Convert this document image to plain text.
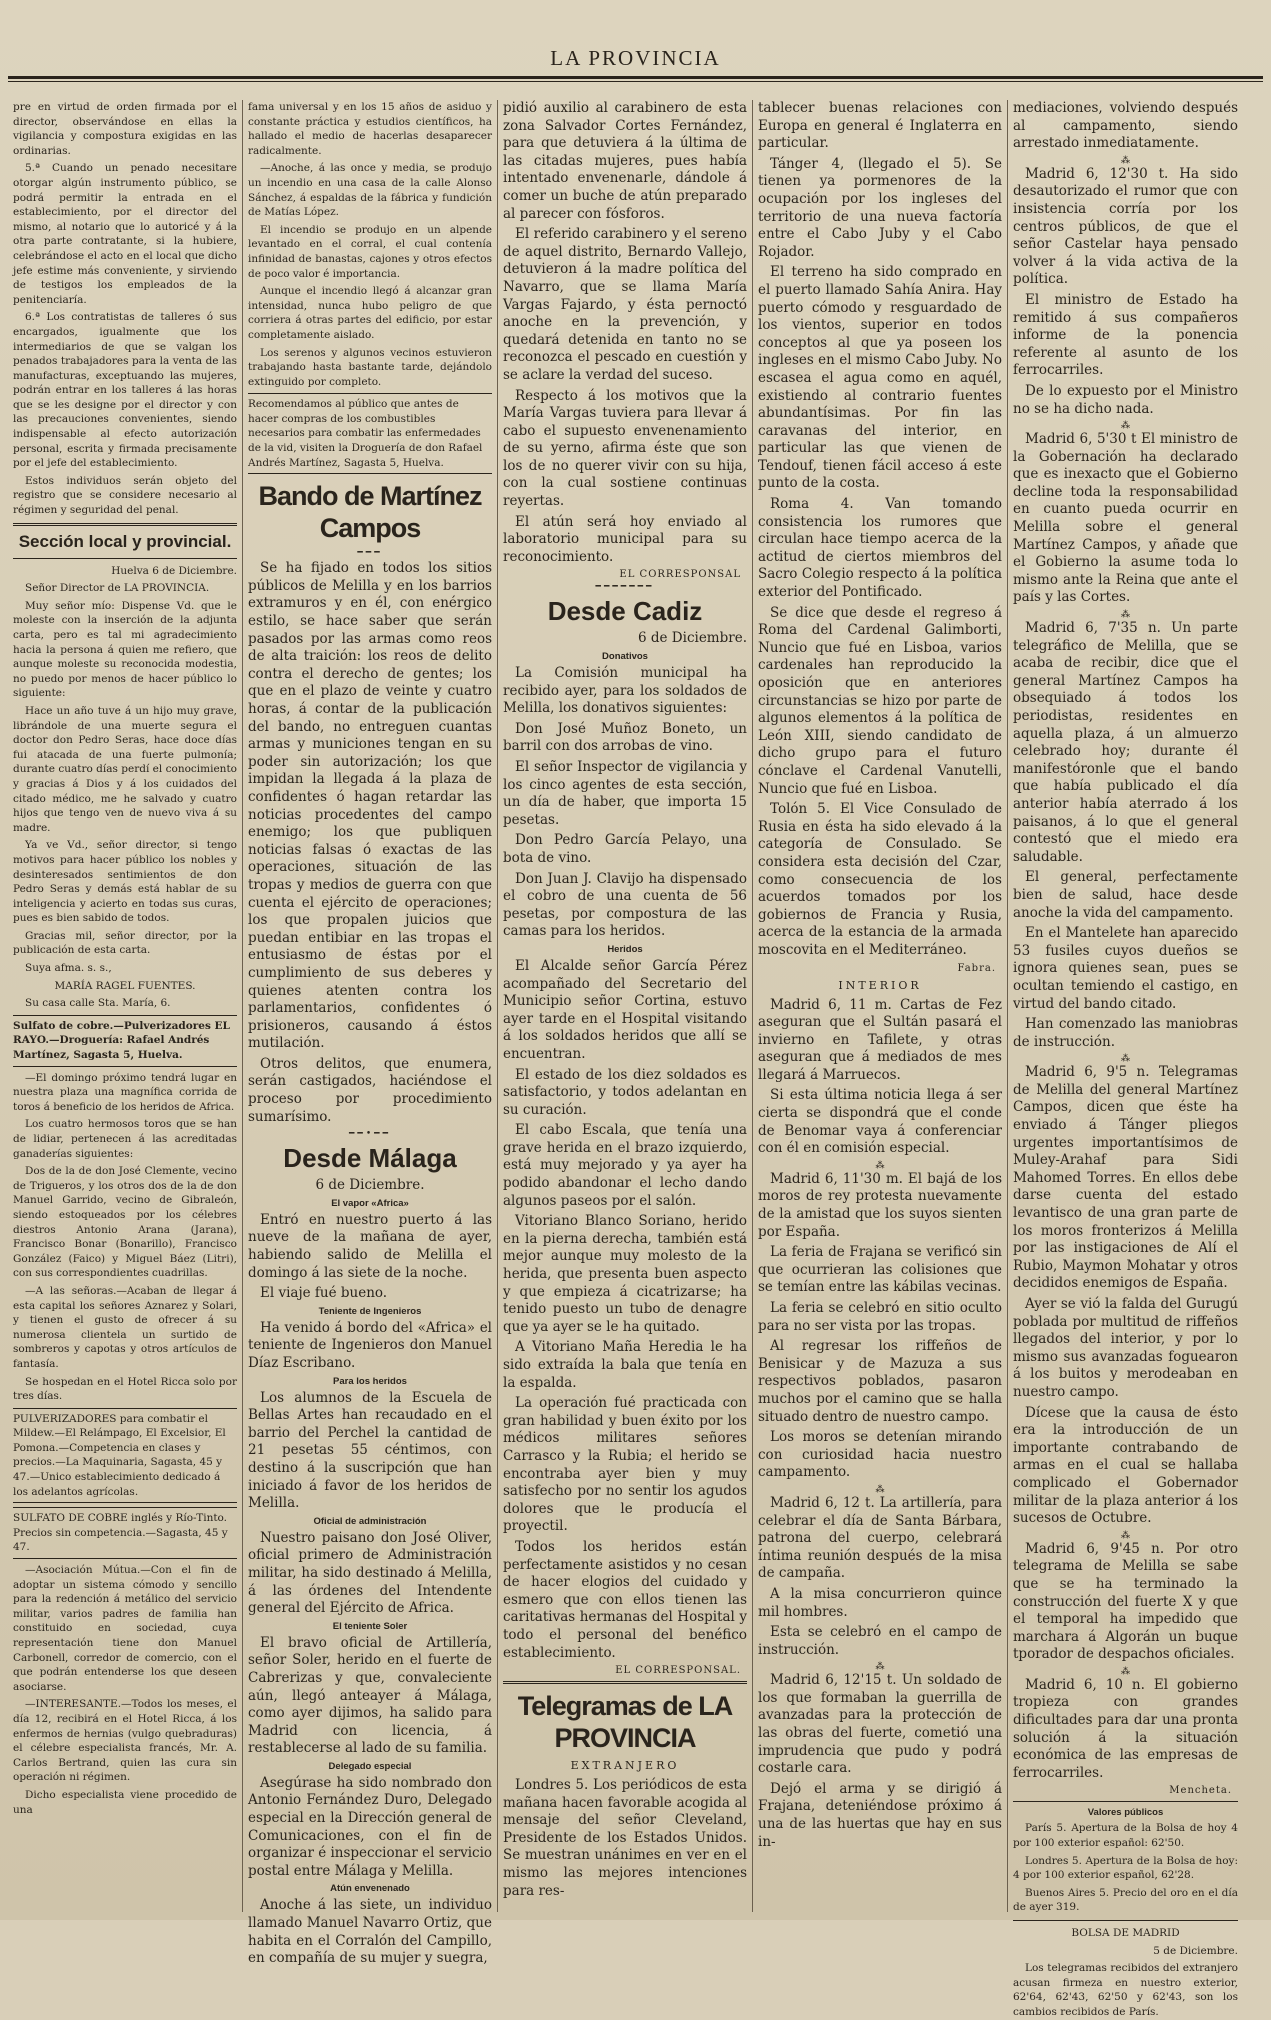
LA PROVINCIA

pre en virtud de orden firmada por el director, observándose en ellas la vigilancia y compostura exigidas en las ordinarias.

5.ª Cuando un penado necesitare otorgar algún instrumento público, se podrá permitir la entrada en el establecimiento, por el director del mismo, al notario que lo autoricé y á la otra parte contratante, si la hubiere, celebrándose el acto en el local que dicho jefe estime más conveniente, y sirviendo de testigos los empleados de la penitenciaría.

6.ª Los contratistas de talleres ó sus encargados, igualmente que los intermediarios de que se valgan los penados trabajadores para la venta de las manufacturas, exceptuando las mujeres, podrán entrar en los talleres á las horas que se les designe por el director y con las precauciones convenientes, siendo indispensable al efecto autorización personal, escrita y firmada precisamente por el jefe del establecimiento.

Estos individuos serán objeto del registro que se considere necesario al régimen y seguridad del penal.

Sección local y provincial.

Huelva 6 de Diciembre.

Señor Director de LA PROVINCIA.

Muy señor mío: Dispense Vd. que le moleste con la inserción de la adjunta carta, pero es tal mi agradecimiento hacia la persona á quien me refiero, que aunque moleste su reconocida modestia, no puedo por menos de hacer público lo siguiente:

Hace un año tuve á un hijo muy grave, librándole de una muerte segura el doctor don Pedro Seras, hace doce días fui atacada de una fuerte pulmonía; durante cuatro días perdí el conocimiento y gracias á Dios y á los cuidados del citado médico, me he salvado y cuatro hijos que tengo ven de nuevo viva á su madre.

Ya ve Vd., señor director, si tengo motivos para hacer público los nobles y desinteresados sentimientos de don Pedro Seras y demás está hablar de su inteligencia y acierto en todas sus curas, pues es bien sabido de todos.

Gracias mil, señor director, por la publicación de esta carta.

Suya afma. s. s.,

MARÍA RAGEL FUENTES.

Su casa calle Sta. María, 6.

Sulfato de cobre.—Pulverizadores EL RAYO.—Droguería: Rafael Andrés Martínez, Sagasta 5, Huelva.

—El domingo próximo tendrá lugar en nuestra plaza una magnífica corrida de toros á beneficio de los heridos de Africa.

Los cuatro hermosos toros que se han de lidiar, pertenecen á las acreditadas ganaderías siguientes:

Dos de la de don José Clemente, vecino de Trigueros, y los otros dos de la de don Manuel Garrido, vecino de Gibraleón, siendo estoqueados por los célebres diestros Antonio Arana (Jarana), Francisco Bonar (Bonarillo), Francisco González (Faico) y Miguel Báez (Litri), con sus correspondientes cuadrillas.

—A las señoras.—Acaban de llegar á esta capital los señores Aznarez y Solari, y tienen el gusto de ofrecer á su numerosa clientela un surtido de sombreros y capotas y otros artículos de fantasía.

Se hospedan en el Hotel Ricca solo por tres días.

PULVERIZADORES para combatir el Mildew.—El Relámpago, El Excelsior, El Pomona.—Competencia en clases y precios.—La Maquinaria, Sagasta, 45 y 47.—Unico establecimiento dedicado á los adelantos agrícolas.
SULFATO DE COBRE inglés y Río-Tinto. Precios sin competencia.—Sagasta, 45 y 47.

—Asociación Mútua.—Con el fin de adoptar un sistema cómodo y sencillo para la redención á metálico del servicio militar, varios padres de familia han constituido en sociedad, cuya representación tiene don Manuel Carbonell, corredor de comercio, con el que podrán entenderse los que deseen asociarse.

—INTERESANTE.—Todos los meses, el día 12, recibirá en el Hotel Ricca, á los enfermos de hernias (vulgo quebraduras) el célebre especialista francés, Mr. A. Carlos Bertrand, quien las cura sin operación ni régimen.

Dicho especialista viene procedido de una

fama universal y en los 15 años de asiduo y constante práctica y estudios científicos, ha hallado el medio de hacerlas desaparecer radicalmente.

—Anoche, á las once y media, se produjo un incendio en una casa de la calle Alonso Sánchez, á espaldas de la fábrica y fundición de Matías López.

El incendio se produjo en un alpende levantado en el corral, el cual contenía infinidad de banastas, cajones y otros efectos de poco valor é importancia.

Aunque el incendio llegó á alcanzar gran intensidad, nunca hubo peligro de que corriera á otras partes del edificio, por estar completamente aislado.

Los serenos y algunos vecinos estuvieron trabajando hasta bastante tarde, dejándolo extinguido por completo.

Recomendamos al público que antes de hacer compras de los combustibles necesarios para combatir las enfermedades de la vid, visiten la Droguería de don Rafael Andrés Martínez, Sagasta 5, Huelva.
Bando de Martínez Campos
━━━

Se ha fijado en todos los sitios públicos de Melilla y en los barrios extramuros y en él, con enérgico estilo, se hace saber que serán pasados por las armas como reos de alta traición: los reos de delito contra el derecho de gentes; los que en el plazo de veinte y cuatro horas, á contar de la publicación del bando, no entreguen cuantas armas y municiones tengan en su poder sin autorización; los que impidan la llegada á la plaza de confidentes ó hagan retardar las noticias procedentes del campo enemigo; los que publiquen noticias falsas ó exactas de las operaciones, situación de las tropas y medios de guerra con que cuenta el ejército de operaciones; los que propalen juicios que puedan entibiar en las tropas el entusiasmo de éstas por el cumplimiento de sus deberes y quienes atenten contra los parlamentarios, confidentes ó prisioneros, causando á éstos mutilación.

Otros delitos, que enumera, serán castigados, haciéndose el proceso por procedimiento sumarísimo.

━━•━━
Desde Málaga

6 de Diciembre.

El vapor «Africa»

Entró en nuestro puerto á las nueve de la mañana de ayer, habiendo salido de Melilla el domingo á las siete de la noche.

El viaje fué bueno.

Teniente de Ingenieros

Ha venido á bordo del «Africa» el teniente de Ingenieros don Manuel Díaz Escribano.

Para los heridos

Los alumnos de la Escuela de Bellas Artes han recaudado en el barrio del Perchel la cantidad de 21 pesetas 55 céntimos, con destino á la suscripción que han iniciado á favor de los heridos de Melilla.

Oficial de administración

Nuestro paisano don José Oliver, oficial primero de Administración militar, ha sido destinado á Melilla, á las órdenes del Intendente general del Ejército de Africa.

El teniente Soler

El bravo oficial de Artillería, señor Soler, herido en el fuerte de Cabrerizas y que, convaleciente aún, llegó anteayer á Málaga, como ayer dijimos, ha salido para Madrid con licencia, á restablecerse al lado de su familia.

Delegado especial

Asegúrase ha sido nombrado don Antonio Fernández Duro, Delegado especial en la Dirección general de Comunicaciones, con el fin de organizar é inspeccionar el servicio postal entre Málaga y Melilla.

Atún envenenado

Anoche á las siete, un individuo llamado Manuel Navarro Ortiz, que habita en el Corralón del Campillo, en compañía de su mujer y suegra,

pidió auxilio al carabinero de esta zona Salvador Cortes Fernández, para que detuviera á la última de las citadas mujeres, pues había intentado envenenarle, dándole á comer un buche de atún preparado al parecer con fósforos.

El referido carabinero y el sereno de aquel distrito, Bernardo Vallejo, detuvieron á la madre política del Navarro, que se llama María Vargas Fajardo, y ésta pernoctó anoche en la prevención, y quedará detenida en tanto no se reconozca el pescado en cuestión y se aclare la verdad del suceso.

Respecto á los motivos que la María Vargas tuviera para llevar á cabo el supuesto envenenamiento de su yerno, afirma éste que son los de no querer vivir con su hija, con la cual sostiene continuas reyertas.

El atún será hoy enviado al laboratorio municipal para su reconocimiento.

EL CORRESPONSAL

━━━━━━━
Desde Cadiz

6 de Diciembre.

Donativos

La Comisión municipal ha recibido ayer, para los soldados de Melilla, los donativos siguientes:

Don José Muñoz Boneto, un barril con dos arrobas de vino.

El señor Inspector de vigilancia y los cinco agentes de esta sección, un día de haber, que importa 15 pesetas.

Don Pedro García Pelayo, una bota de vino.

Don Juan J. Clavijo ha dispensado el cobro de una cuenta de 56 pesetas, por compostura de las camas para los heridos.

Heridos

El Alcalde señor García Pérez acompañado del Secretario del Municipio señor Cortina, estuvo ayer tarde en el Hospital visitando á los soldados heridos que allí se encuentran.

El estado de los diez soldados es satisfactorio, y todos adelantan en su curación.

El cabo Escala, que tenía una grave herida en el brazo izquierdo, está muy mejorado y ya ayer ha podido abandonar el lecho dando algunos paseos por el salón.

Vitoriano Blanco Soriano, herido en la pierna derecha, también está mejor aunque muy molesto de la herida, que presenta buen aspecto y que empieza á cicatrizarse; ha tenido puesto un tubo de denagre que ya ayer se le ha quitado.

A Vitoriano Maña Heredia le ha sido extraída la bala que tenía en la espalda.

La operación fué practicada con gran habilidad y buen éxito por los médicos militares señores Carrasco y la Rubia; el herido se encontraba ayer bien y muy satisfecho por no sentir los agudos dolores que le producía el proyectil.

Todos los heridos están perfectamente asistidos y no cesan de hacer elogios del cuidado y esmero que con ellos tienen las caritativas hermanas del Hospital y todo el personal del benéfico establecimiento.

EL CORRESPONSAL.

Telegramas de LA PROVINCIA
EXTRANJERO

Londres 5. Los periódicos de esta mañana hacen favorable acogida al mensaje del señor Cleveland, Presidente de los Estados Unidos. Se muestran unánimes en ver en el mismo las mejores intenciones para res-

tablecer buenas relaciones con Europa en general é Inglaterra en particular.

Tánger 4, (llegado el 5). Se tienen ya pormenores de la ocupación por los ingleses del territorio de una nueva factoría entre el Cabo Juby y el Cabo Rojador.

El terreno ha sido comprado en el puerto llamado Sahía Anira. Hay puerto cómodo y resguardado de los vientos, superior en todos conceptos al que ya poseen los ingleses en el mismo Cabo Juby. No escasea el agua como en aquél, existiendo al contrario fuentes abundantísimas. Por fin las caravanas del interior, en particular las que vienen de Tendouf, tienen fácil acceso á este punto de la costa.

Roma 4. Van tomando consistencia los rumores que circulan hace tiempo acerca de la actitud de ciertos miembros del Sacro Colegio respecto á la política exterior del Pontificado.

Se dice que desde el regreso á Roma del Cardenal Galimborti, Nuncio que fué en Lisboa, varios cardenales han reproducido la oposición que en anteriores circunstancias se hizo por parte de algunos elementos á la política de León XIII, siendo candidato de dicho grupo para el futuro cónclave el Cardenal Vanutelli, Nuncio que fué en Lisboa.

Tolón 5. El Vice Consulado de Rusia en ésta ha sido elevado á la categoría de Consulado. Se considera esta decisión del Czar, como consecuencia de los acuerdos tomados por los gobiernos de Francia y Rusia, acerca de la estancia de la armada moscovita en el Mediterráneo.

Fabra.

INTERIOR

Madrid 6, 11 m. Cartas de Fez aseguran que el Sultán pasará el invierno en Tafilete, y otras aseguran que á mediados de mes llegará á Marruecos.

Si esta última noticia llega á ser cierta se dispondrá que el conde de Benomar vaya á conferenciar con él en comisión especial.

⁂

Madrid 6, 11'30 m. El bajá de los moros de rey protesta nuevamente de la amistad que los suyos sienten por España.

La feria de Frajana se verificó sin que ocurrieran las colisiones que se temían entre las kábilas vecinas.

La feria se celebró en sitio oculto para no ser vista por las tropas.

Al regresar los riffeños de Benisicar y de Mazuza a sus respectivos poblados, pasaron muchos por el camino que se halla situado dentro de nuestro campo.

Los moros se detenían mirando con curiosidad hacia nuestro campamento.

⁂

Madrid 6, 12 t. La artillería, para celebrar el día de Santa Bárbara, patrona del cuerpo, celebrará íntima reunión después de la misa de campaña.

A la misa concurrieron quince mil hombres.

Esta se celebró en el campo de instrucción.

⁂

Madrid 6, 12'15 t. Un soldado de los que formaban la guerrilla de avanzadas para la protección de las obras del fuerte, cometió una imprudencia que pudo y podrá costarle cara.

Dejó el arma y se dirigió á Frajana, deteniéndose próximo á una de las huertas que hay en sus in-

mediaciones, volviendo después al campamento, siendo arrestado inmediatamente.

⁂

Madrid 6, 12'30 t. Ha sido desautorizado el rumor que con insistencia corría por los centros públicos, de que el señor Castelar haya pensado volver á la vida activa de la política.

El ministro de Estado ha remitido á sus compañeros informe de la ponencia referente al asunto de los ferrocarriles.

De lo expuesto por el Ministro no se ha dicho nada.

⁂

Madrid 6, 5'30 t El ministro de la Gobernación ha declarado que es inexacto que el Gobierno decline toda la responsabilidad en cuanto pueda ocurrir en Melilla sobre el general Martínez Campos, y añade que el Gobierno la asume toda lo mismo ante la Reina que ante el país y las Cortes.

⁂

Madrid 6, 7'35 n. Un parte telegráfico de Melilla, que se acaba de recibir, dice que el general Martínez Campos ha obsequiado á todos los periodistas, residentes en aquella plaza, á un almuerzo celebrado hoy; durante él manifestóronle que el bando que había publicado el día anterior había aterrado á los paisanos, á lo que el general contestó que el miedo era saludable.

El general, perfectamente bien de salud, hace desde anoche la vida del campamento.

En el Mantelete han aparecido 53 fusiles cuyos dueños se ignora quienes sean, pues se ocultan temiendo el castigo, en virtud del bando citado.

Han comenzado las maniobras de instrucción.

⁂

Madrid 6, 9'5 n. Telegramas de Melilla del general Martínez Campos, dicen que éste ha enviado á Tánger pliegos urgentes importantísimos de Muley-Arahaf para Sidi Mahomed Torres. En ellos debe darse cuenta del estado levantisco de una gran parte de los moros fronterizos á Melilla por las instigaciones de Alí el Rubio, Maymon Mohatar y otros decididos enemigos de España.

Ayer se vió la falda del Gurugú poblada por multitud de riffeños llegados del interior, y por lo mismo sus avanzadas foguearon á los buitos y merodeaban en nuestro campo.

Dícese que la causa de ésto era la introducción de un importante contrabando de armas en el cual se hallaba complicado el Gobernador militar de la plaza anterior á los sucesos de Octubre.

⁂

Madrid 6, 9'45 n. Por otro telegrama de Melilla se sabe que se ha terminado la construcción del fuerte X y que el temporal ha impedido que marchara á Algorán un buque tporador de despachos oficiales.

⁂

Madrid 6, 10 n. El gobierno tropieza con grandes dificultades para dar una pronta solución á la situación económica de las empresas de ferrocarriles.

Mencheta.

Valores públicos

París 5. Apertura de la Bolsa de hoy 4 por 100 exterior español: 62'50.

Londres 5. Apertura de la Bolsa de hoy: 4 por 100 exterior español, 62'28.

Buenos Aires 5. Precio del oro en el día de ayer 319.

BOLSA DE MADRID

5 de Diciembre.

Los telegramas recibidos del extranjero acusan firmeza en nuestro exterior, 62'64, 62'43, 62'50 y 62'43, son los cambios recibidos de París.
